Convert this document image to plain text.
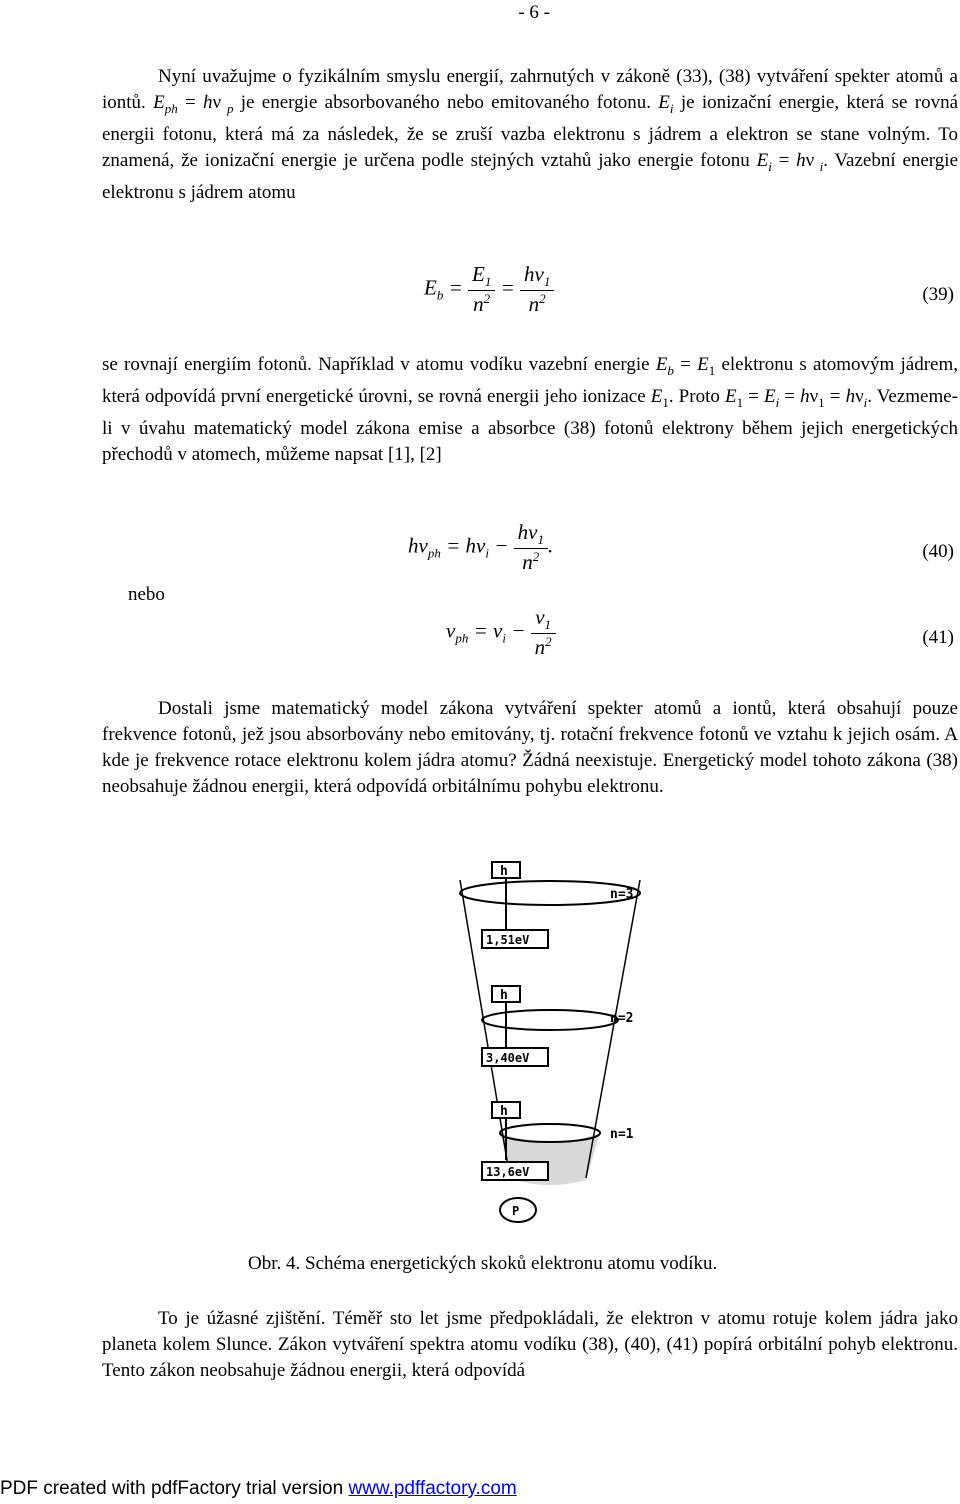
- 6 -
Nyní uvažujme o fyzikálním smyslu energií, zahrnutých v zákoně (33), (38) vytváření spekter atomů a iontů. $E_{ph} = h\nu$ $_p$ je energie absorbovaného nebo emitovaného fotonu. $E_i$ je ionizační energie, která se rovná energii fotonu, která má za následek, že se zruší vazba elektronu s jádrem a elektron se stane volným. To znamená, že ionizační energie je určena podle stejných vztahů jako energie fotonu $E_i = h\nu$ $_i$. Vazební energie elektronu s jádrem atomu
$E_b = \frac{E_1}{n^2} = \frac{h\nu_1}{n^2}$	(39)
se rovnají energiím fotonů. Například v atomu vodíku vazební energie $E_b = E_1$ elektronu s atomovým jádrem, která odpovídá první energetické úrovni, se rovná energii jeho ionizace $E_1$. Proto $E_1 = E_i = h\nu_1 = h\nu_i$. Vezmeme-li v úvahu matematický model zákona emise a absorbce (38) fotonů elektrony během jejich energetických přechodů v atomech, můžeme napsat [1], [2]
$h\nu_{ph} = h\nu_i - \frac{h\nu_1}{n^2}$ .	(40)
nebo
$\nu_{ph} = \nu_i - \frac{\nu_1}{n^2}$	(41)
Dostali jsme matematický model zákona vytváření spekter atomů a iontů, která obsahují pouze frekvence fotonů, jež jsou absorbovány nebo emitovány, tj. rotační frekvence fotonů ve vztahu k jejich osám. A kde je frekvence rotace elektronu kolem jádra atomu? Žádná neexistuje. Energetický model tohoto zákona (38) neobsahuje žádnou energii, která odpovídá orbitálnímu pohybu elektronu.
P
h
h
h
1,51eV
3,40eV
13,6eV
n=3
n=2
n=1
Obr. 4. Schéma energetických skoků elektronu atomu vodíku.
To je úžasné zjištění. Téměř sto let jsme předpokládali, že elektron v atomu rotuje kolem jádra jako planeta kolem Slunce. Zákon vytváření spektra atomu vodíku (38), (40), (41) popírá orbitální pohyb elektronu. Tento zákon neobsahuje žádnou energii, která odpovídá
PDF created with pdfFactory trial version www.pdffactory.com
